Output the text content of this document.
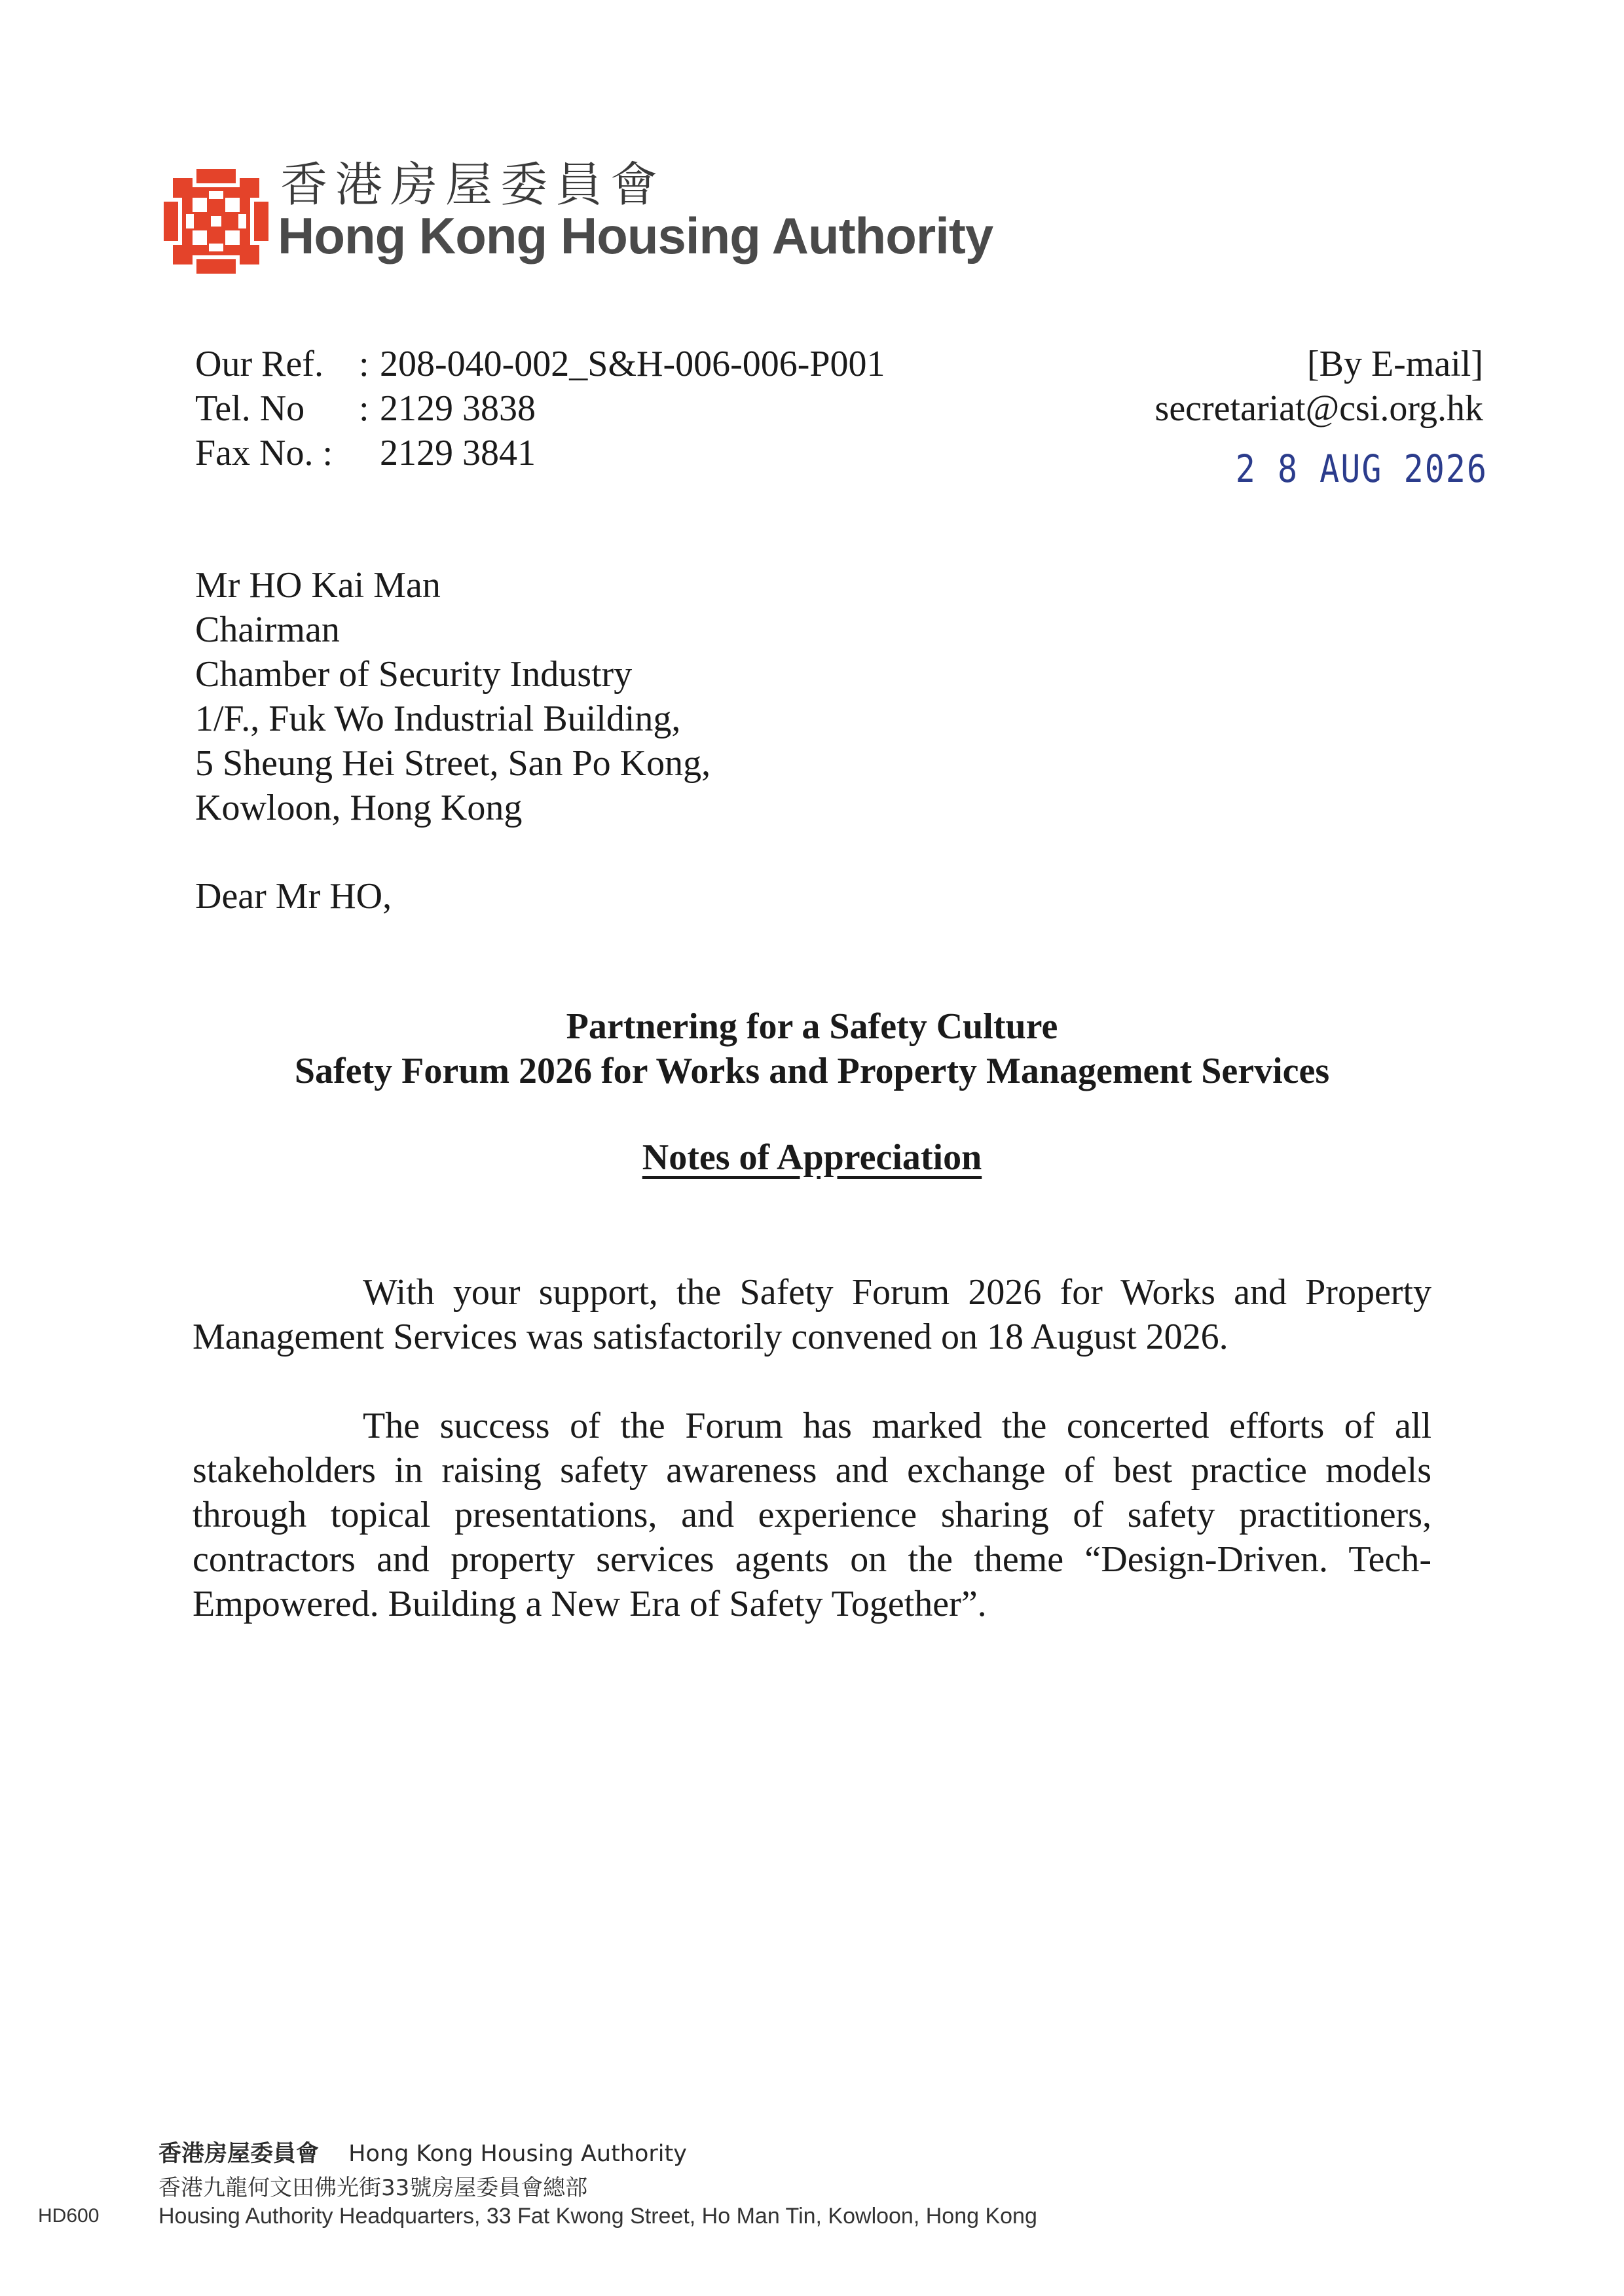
香港房屋委員會
Hong Kong Housing Authority
Our Ref. : 208-040-002_S&H-006-006-P001
Tel. No	: 2129 3838
Fax No. :	2129 3841
[By E-mail]
secretariat@csi.org.hk
2 8 AUG 2026
Mr HO Kai Man
Chairman
Chamber of Security Industry
1/F., Fuk Wo Industrial Building,
5 Sheung Hei Street, San Po Kong,
Kowloon, Hong Kong
Dear Mr HO,
Partnering for a Safety Culture
Safety Forum 2026 for Works and Property Management Services
Notes of Appreciation
With your support, the Safety Forum 2026 for Works and Property Management Services was satisfactorily convened on 18 August 2026.
The success of the Forum has marked the concerted efforts of all stakeholders in raising safety awareness and exchange of best practice models through topical presentations, and experience sharing of safety practitioners, contractors and property services agents on the theme “Design-Driven. Tech-Empowered. Building a New Era of Safety Together”.
香港房屋委員會 Hong Kong Housing Authority
香港九龍何文田佛光街33號房屋委員會總部
Housing Authority Headquarters, 33 Fat Kwong Street, Ho Man Tin, Kowloon, Hong Kong
HD600
